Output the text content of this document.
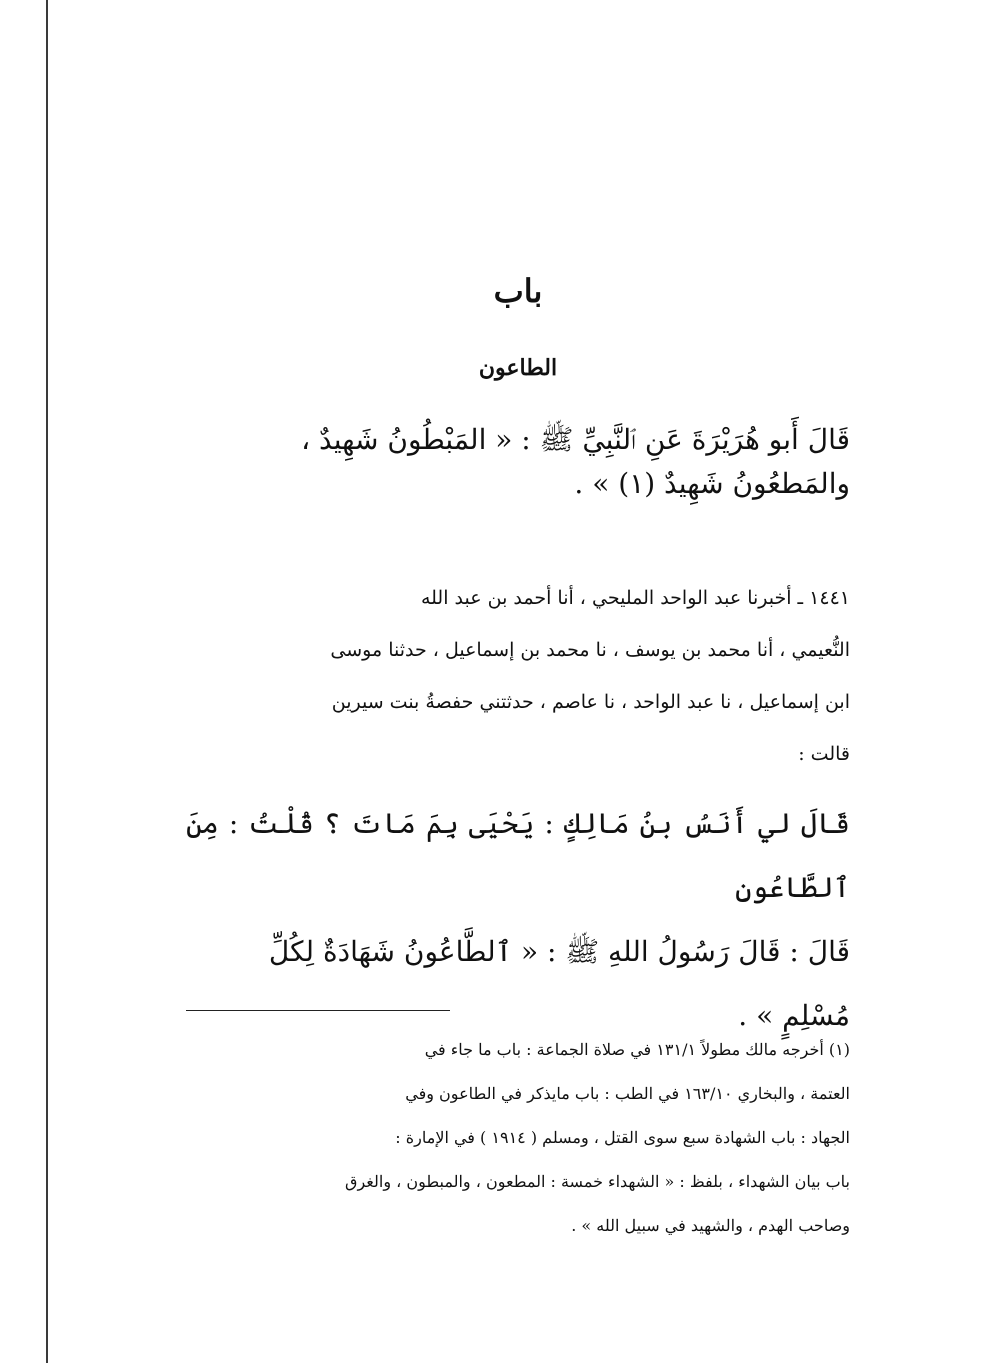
باب
الطاعون

قَالَ أَبو هُرَيْرَةَ عَنِ ٱلنَّبِيِّ ﷺ : « المَبْطُونُ شَهِيدٌ ،
والمَطعُونُ شَهِيدٌ (١) » .

١٤٤١ ـ أخبرنا عبد الواحد المليحي ، أنا أحمد بن عبد الله
النُّعيمي ، أنا محمد بن يوسف ، نا محمد بن إسماعيل ، حدثنا موسى
ابن إسماعيل ، نا عبد الواحد ، نا عاصم ، حدثتني حفصةُ بنت سيرين
قالت :

قَالَ لي أَنَسُ بنُ مَالِكٍ : يَحْيَى بِمَ مَاتَ ؟ قُلْتُ : مِنَ ٱلطَّاعُونِ
قَالَ : قَالَ رَسُولُ اللهِ ﷺ : « ٱلطَّاعُونُ شَهَادَةٌ لِكُلِّ
مُسْلِمٍ » .

(١) أخرجه مالك مطولاً ١٣١/١ في صلاة الجماعة : باب ما جاء في
العتمة ، والبخاري ١٦٣/١٠ في الطب : باب مايذكر في الطاعون وفي
الجهاد : باب الشهادة سبع سوى القتل ، ومسلم ( ١٩١٤ ) في الإمارة :
باب بيان الشهداء ، بلفظ : « الشهداء خمسة : المطعون ، والمبطون ، والغرق
وصاحب الهدم ، والشهيد في سبيل الله » .
